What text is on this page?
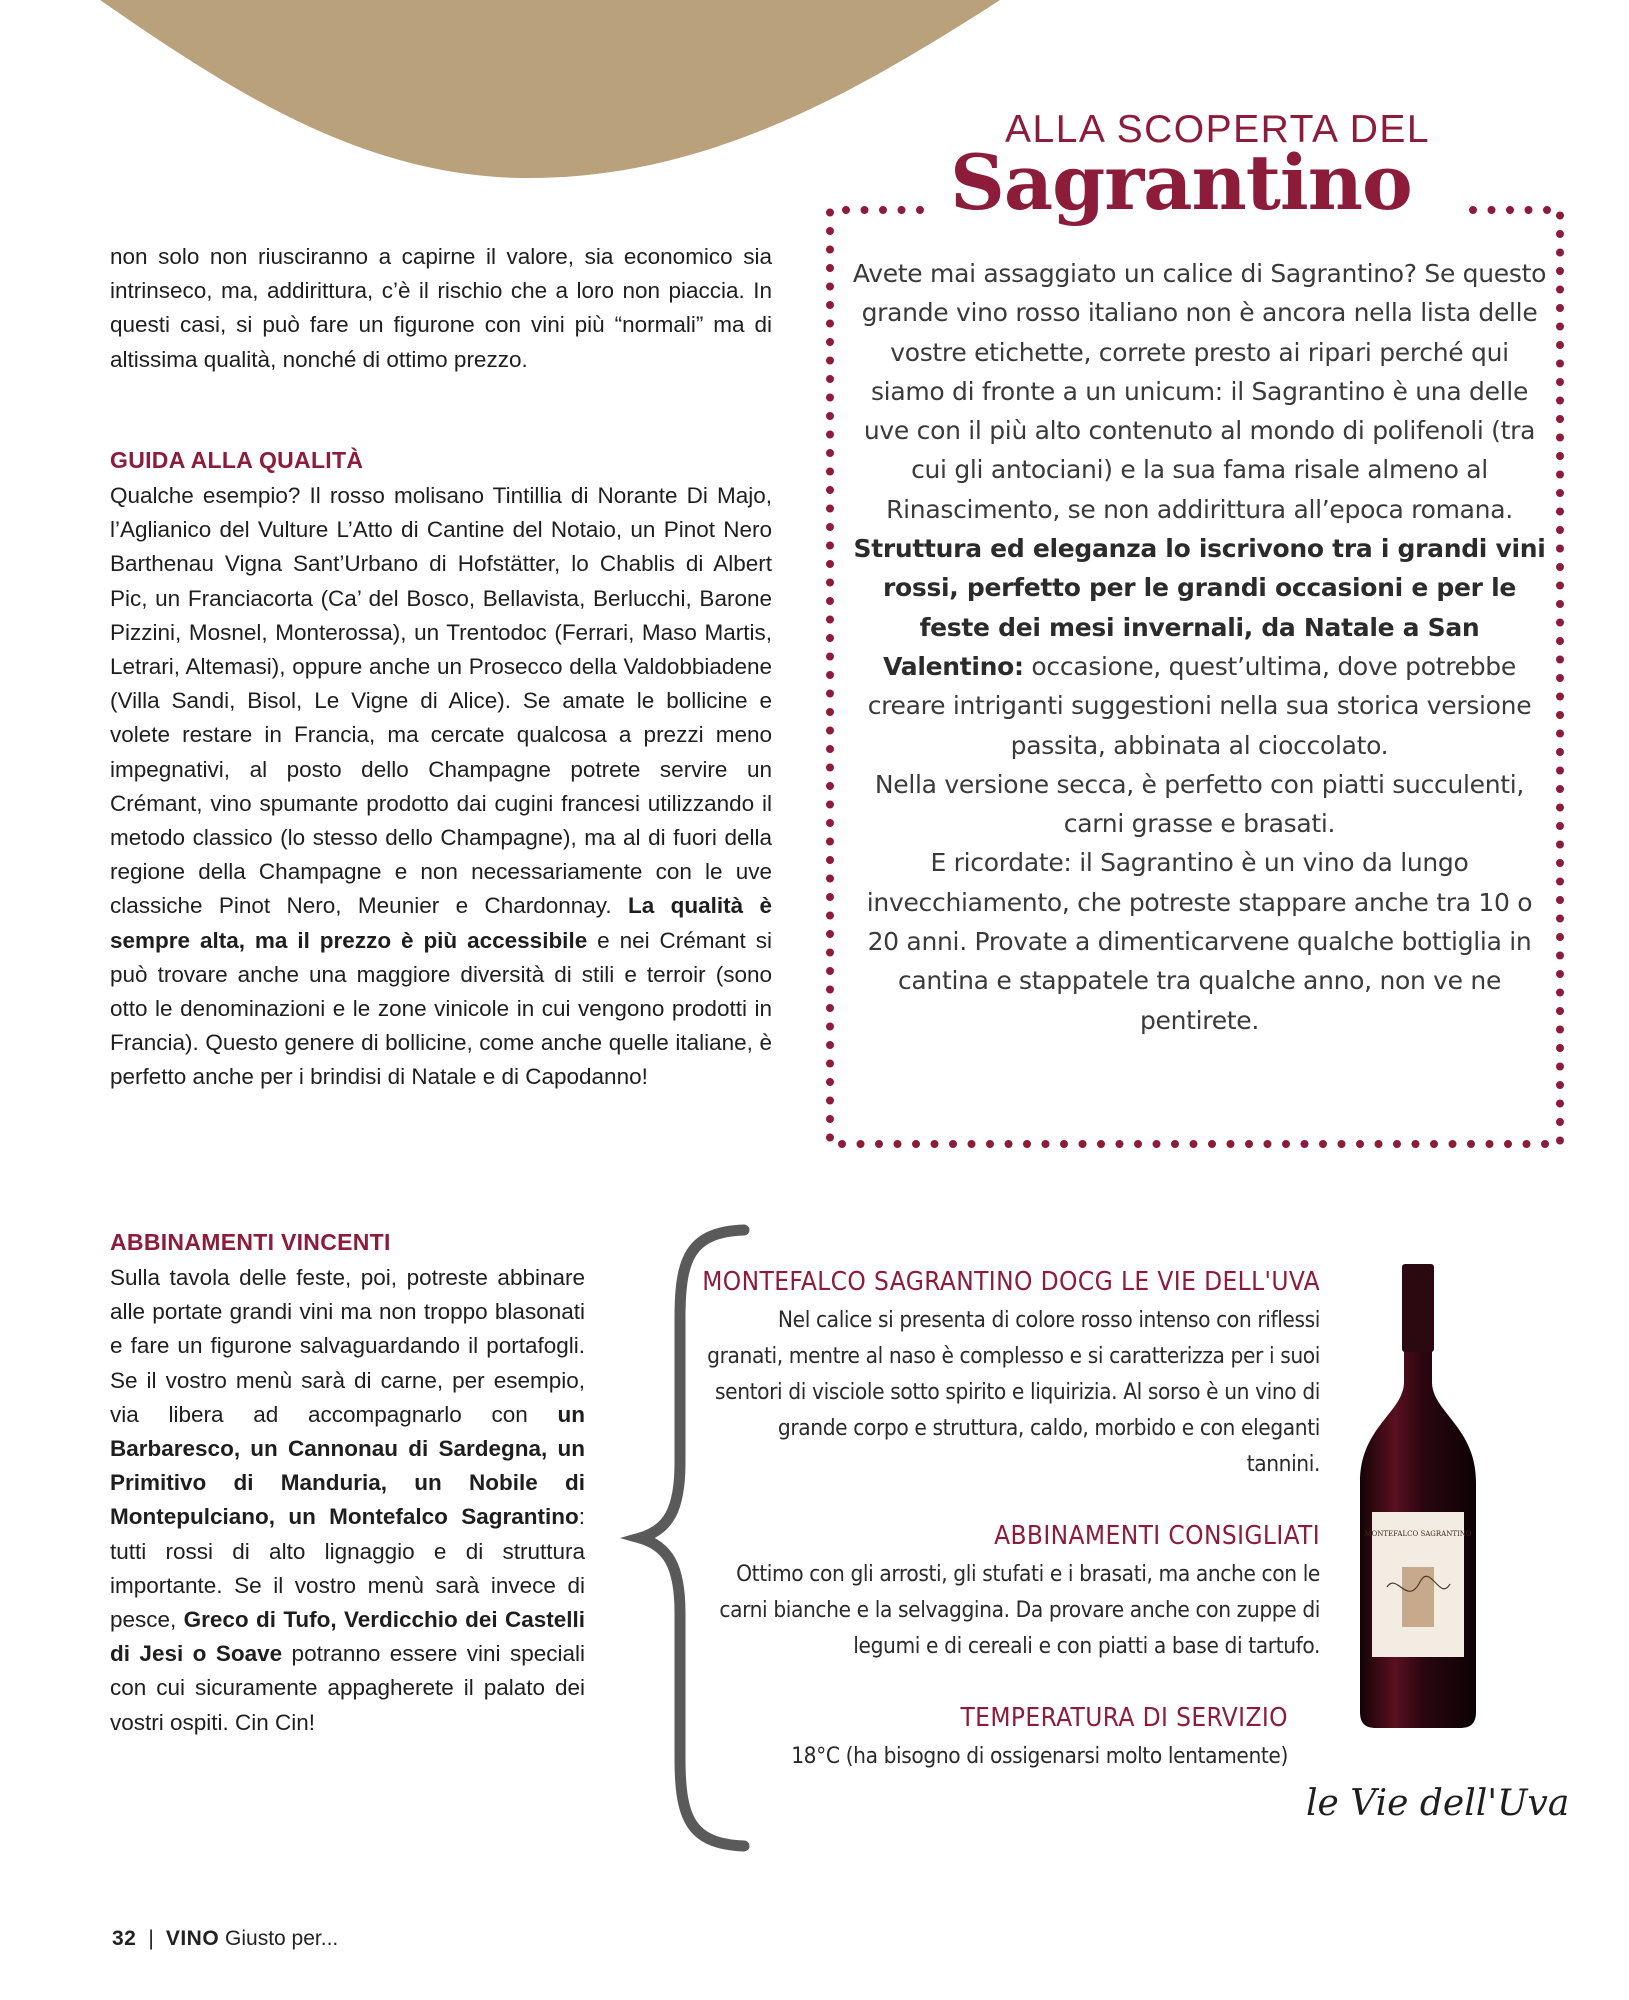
non solo non riusciranno a capirne il valore, sia economico sia intrinseco, ma, addirittura, c’è il rischio che a loro non piaccia. In questi casi, si può fare un figurone con vini più “normali” ma di altissima qualità, nonché di ottimo prezzo.

GUIDA ALLA QUALITÀ

Qualche esempio? Il rosso molisano Tintillia di Norante Di Majo, l’Aglianico del Vulture L’Atto di Cantine del Notaio, un Pinot Nero Barthenau Vigna Sant’Urbano di Hofstätter, lo Chablis di Albert Pic, un Franciacorta (Ca’ del Bosco, Bellavista, Berlucchi, Barone Pizzini, Mosnel, Monterossa), un Trentodoc (Ferrari, Maso Martis, Letrari, Altemasi), oppure anche un Prosecco della Valdobbiadene (Villa Sandi, Bisol, Le Vigne di Alice). Se amate le bollicine e volete restare in Francia, ma cercate qualcosa a prezzi meno impegnativi, al posto dello Champagne potrete servire un Crémant, vino spumante prodotto dai cugini francesi utilizzando il metodo classico (lo stesso dello Champagne), ma al di fuori della regione della Champagne e non necessariamente con le uve classiche Pinot Nero, Meunier e Chardonnay. La qualità è sempre alta, ma il prezzo è più accessibile e nei Crémant si può trovare anche una maggiore diversità di stili e terroir (sono otto le denominazioni e le zone vinicole in cui vengono prodotti in Francia). Questo genere di bollicine, come anche quelle italiane, è perfetto anche per i brindisi di Natale e di Capodanno!

ABBINAMENTI VINCENTI

Sulla tavola delle feste, poi, potreste abbinare alle portate grandi vini ma non troppo blasonati e fare un figurone salvaguardando il portafogli. Se il vostro menù sarà di carne, per esempio, via libera ad accompagnarlo con un Barbaresco, un Cannonau di Sardegna, un Primitivo di Manduria, un Nobile di Montepulciano, un Montefalco Sagrantino: tutti rossi di alto lignaggio e di struttura importante. Se il vostro menù sarà invece di pesce, Greco di Tufo, Verdicchio dei Castelli di Jesi o Soave potranno essere vini speciali con cui sicuramente appagherete il palato dei vostri ospiti. Cin Cin!

ALLA SCOPERTA DEL
Sagrantino

Avete mai assaggiato un calice di Sagrantino? Se questo grande vino rosso italiano non è ancora nella lista delle vostre etichette, correte presto ai ripari perché qui siamo di fronte a un unicum: il Sagrantino è una delle uve con il più alto contenuto al mondo di polifenoli (tra cui gli antociani) e la sua fama risale almeno al Rinascimento, se non addirittura all’epoca romana. Struttura ed eleganza lo iscrivono tra i grandi vini rossi, perfetto per le grandi occasioni e per le feste dei mesi invernali, da Natale a San Valentino: occasione, quest’ultima, dove potrebbe creare intriganti suggestioni nella sua storica versione passita, abbinata al cioccolato.

Nella versione secca, è perfetto con piatti succulenti, carni grasse e brasati.

E ricordate: il Sagrantino è un vino da lungo invecchiamento, che potreste stappare anche tra 10 o 20 anni. Provate a dimenticarvene qualche bottiglia in cantina e stappatele tra qualche anno, non ve ne pentirete.

MONTEFALCO SAGRANTINO DOCG LE VIE DELL'UVA

Nel calice si presenta di colore rosso intenso con riflessi granati, mentre al naso è complesso e si caratterizza per i suoi sentori di visciole sotto spirito e liquirizia. Al sorso è un vino di grande corpo e struttura, caldo, morbido e con eleganti tannini.

ABBINAMENTI CONSIGLIATI

Ottimo con gli arrosti, gli stufati e i brasati, ma anche con le carni bianche e la selvaggina. Da provare anche con zuppe di legumi e di cereali e con piatti a base di tartufo.

TEMPERATURA DI SERVIZIO

18°C (ha bisogno di ossigenarsi molto lentamente)

MONTEFALCO SAGRANTINO
le Vie dell'Uva
32 | VINO Giusto per...
